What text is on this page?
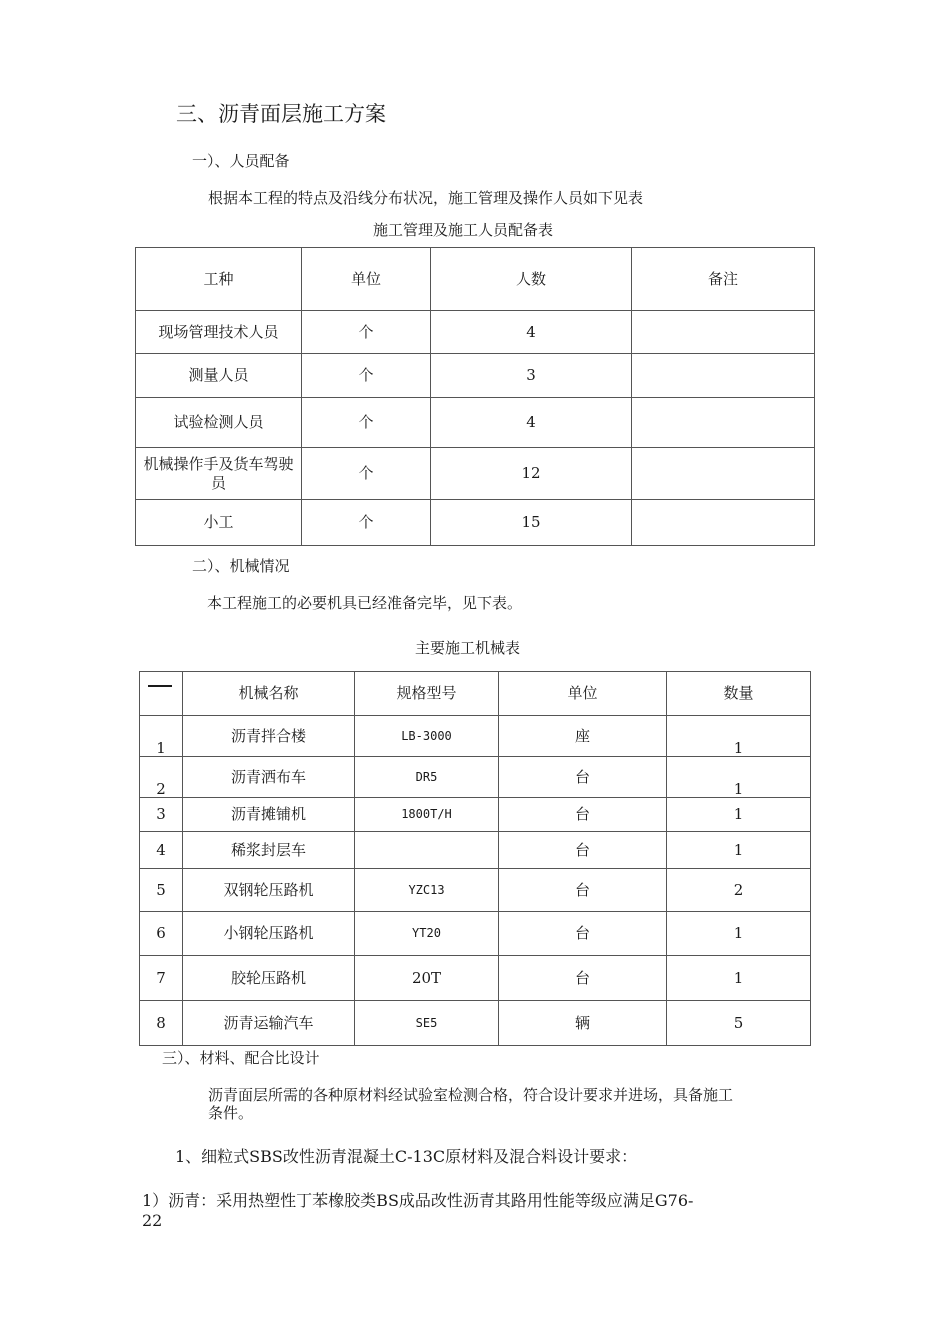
三、沥青面层施工方案
一）、人员配备
根据本工程的特点及沿线分布状况，施工管理及操作人员如下见表
施工管理及施工人员配备表
工种	单位	人数	备注
现场管理技术人员	个	4	
测量人员	个	3	
试验检测人员	个	4	
机械操作手及货车驾驶员	个	12	
小工	个	15	
二）、机械情况
本工程施工的必要机具已经准备完毕，见下表。
主要施工机械表
	机械名称	规格型号	单位	数量

1	沥青拌合楼	LB-3000	座	1

2	沥青洒布车	DR5	台	1

3	沥青摊铺机	1800T/H	台	1
4	稀浆封层车		台	1
5	双钢轮压路机	YZC13	台	2
6	小钢轮压路机	YT20	台	1
7	胶轮压路机	20T	台	1
8	沥青运输汽车	SE5	辆	5
三）、材料、配合比设计
沥青面层所需的各种原材料经试验室检测合格，符合设计要求并进场，具备施工
条件。
1、细粒式SBS改性沥青混凝土C-13C原材料及混合料设计要求：
1）沥青：采用热塑性丁苯橡胶类BS成品改性沥青其路用性能等级应满足G76-
22
